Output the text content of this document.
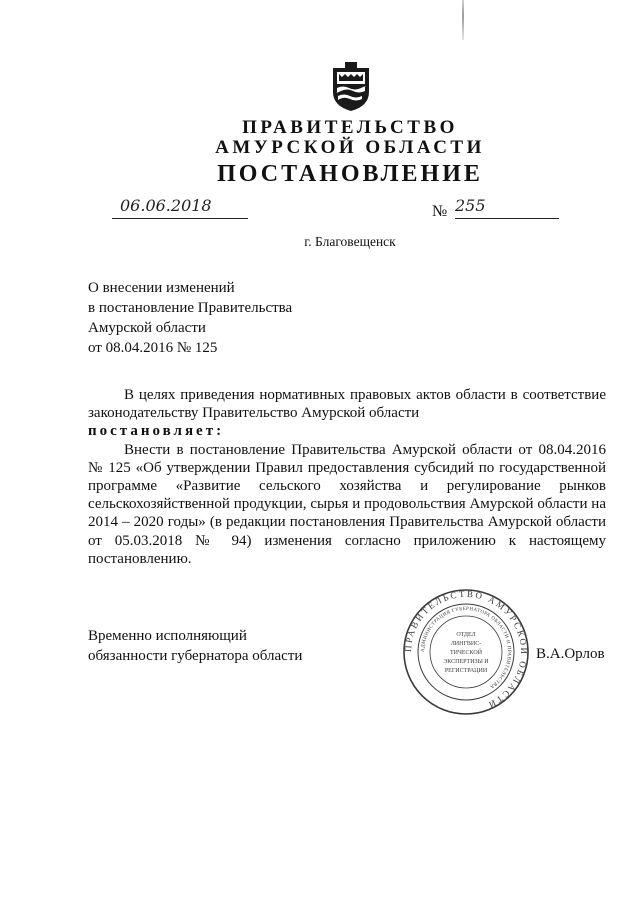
ПРАВИТЕЛЬСТВО
АМУРСКОЙ ОБЛАСТИ
ПОСТАНОВЛЕНИЕ
06.06.2018	№ 255
г. Благовещенск
О внесении изменений
в постановление Правительства
Амурской области
от 08.04.2016 № 125

В целях приведения нормативных правовых актов области в соответствие законодательству Правительство Амурской области

постановляет:

Внести в постановление Правительства Амурской области от 08.04.2016 № 125 «Об утверждении Правил предоставления субсидий по государственной программе «Развитие сельского хозяйства и регулирование рынков сельскохозяйственной продукции, сырья и продовольствия Амурской области на 2014 – 2020 годы» (в редакции постановления Правительства Амурской области от 05.03.2018 № 94) изменения согласно приложению к настоящему постановлению.

Временно исполняющий
обязанности губернатора области
ПРАВИТЕЛЬСТВО АМУРСКОЙ ОБЛАСТИ
АДМИНИСТРАЦИЯ ГУБЕРНАТОРА ОБЛАСТИ И ПРАВИТЕЛЬСТВА
ОТДЕЛ
ЛИНГВИС-
ТИЧЕСКОЙ
ЭКСПЕРТИЗЫ И
РЕГИСТРАЦИИ
В.А.Орлов
